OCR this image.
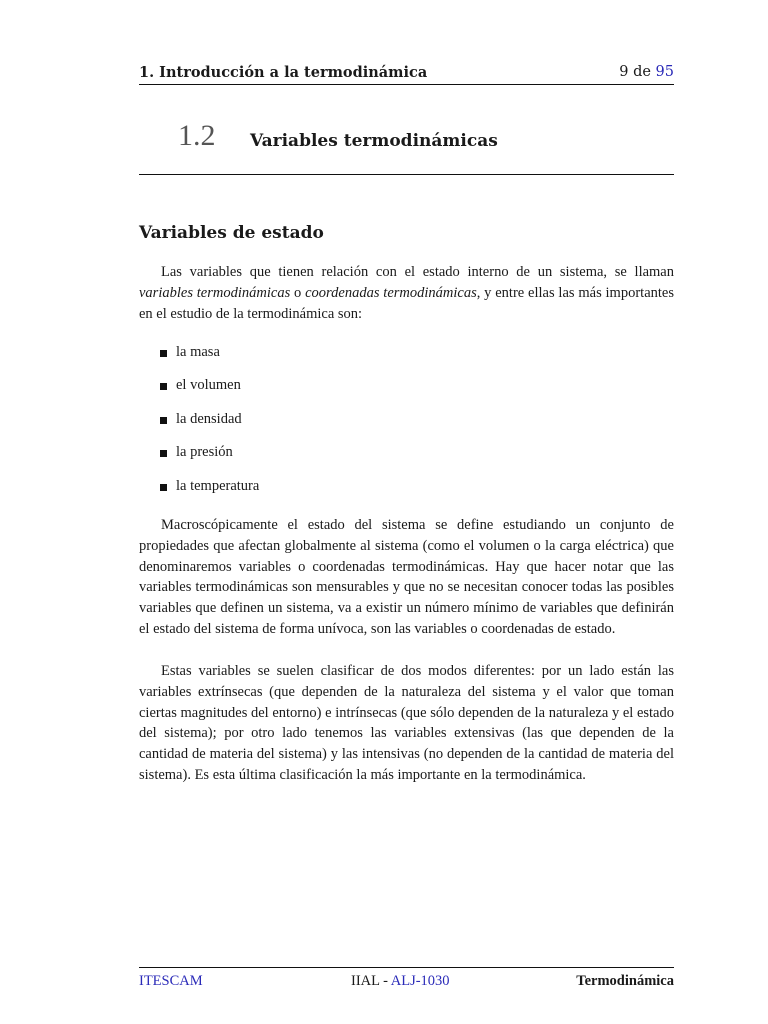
1. Introducción a la termodinámica	9 de 95
1.2 Variables termodinámicas
Variables de estado

Las variables que tienen relación con el estado interno de un sistema, se llaman variables termodinámicas o coordenadas termodinámicas, y entre ellas las más importantes en el estudio de la termodinámica son:

la masa
el volumen
la densidad
la presión
la temperatura

Macroscópicamente el estado del sistema se define estudiando un conjunto de propiedades que afectan globalmente al sistema (como el volumen o la carga eléctrica) que denominaremos variables o coordenadas termodinámicas. Hay que hacer notar que las variables termodinámicas son mensurables y que no se necesitan conocer todas las posibles variables que definen un sistema, va a existir un número mínimo de variables que definirán el estado del sistema de forma unívoca, son las variables o coordenadas de estado.

Estas variables se suelen clasificar de dos modos diferentes: por un lado están las variables extrínsecas (que dependen de la naturaleza del sistema y el valor que toman ciertas magnitudes del entorno) e intrínsecas (que sólo dependen de la naturaleza y el estado del sistema); por otro lado tenemos las variables extensivas (las que dependen de la cantidad de materia del sistema) y las intensivas (no dependen de la cantidad de materia del sistema). Es esta última clasificación la más importante en la termodinámica.

ITESCAM	IIAL - ALJ-1030	Termodinámica
